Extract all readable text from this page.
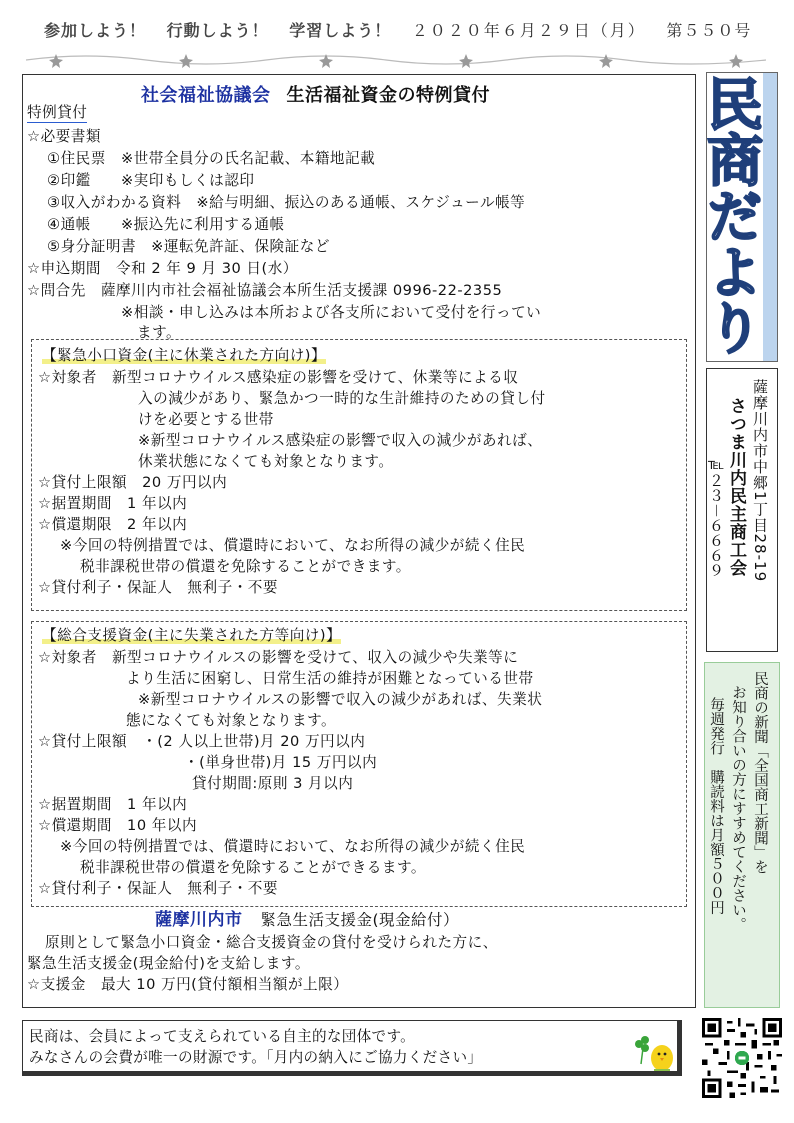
参加しよう！ 行動しよう！ 学習しよう！ ２０２０年６月２９日（月） 第５５０号
社会福祉協議会 生活福祉資金の特例貸付
特例貸付
☆必要書類
①住民票　※世帯全員分の氏名記載、本籍地記載
②印鑑　　※実印もしくは認印
③収入がわかる資料　※給与明細、振込のある通帳、スケジュール帳等
④通帳　　※振込先に利用する通帳
⑤身分証明書　※運転免許証、保険証など
☆申込期間　令和 2 年 9 月 30 日(水）
☆問合先　薩摩川内市社会福祉協議会本所生活支援課 0996-22-2355
※相談・申し込みは本所および各支所において受付を行ってい
ます。
【緊急小口資金(主に休業された方向け)】
☆対象者　新型コロナウイルス感染症の影響を受けて、休業等による収
入の減少があり、緊急かつ一時的な生計維持のための貸し付
けを必要とする世帯
※新型コロナウイルス感染症の影響で収入の減少があれば、
休業状態になくても対象となります。
☆貸付上限額　20 万円以内
☆据置期間　1 年以内
☆償還期限　2 年以内
※今回の特例措置では、償還時において、なお所得の減少が続く住民
税非課税世帯の償還を免除することができます。
☆貸付利子・保証人　無利子・不要
【総合支援資金(主に失業された方等向け)】
☆対象者　新型コロナウイルスの影響を受けて、収入の減少や失業等に
より生活に困窮し、日常生活の維持が困難となっている世帯
※新型コロナウイルスの影響で収入の減少があれば、失業状
態になくても対象となります。
☆貸付上限額　・(2 人以上世帯)月 20 万円以内
・(単身世帯)月 15 万円以内
貸付期間:原則 3 月以内
☆据置期間　1 年以内
☆償還期間　10 年以内
※今回の特例措置では、償還時において、なお所得の減少が続く住民
税非課税世帯の償還を免除することができるます。
☆貸付利子・保証人　無利子・不要
薩摩川内市 緊急生活支援金(現金給付）
原則として緊急小口資金・総合支援資金の貸付を受けられた方に、
緊急生活支援金(現金給付)を支給します。
☆支援金　最大 10 万円(貸付額相当額が上限）
民商だより
薩摩川内市中郷1丁目28-19
さつま川内民主商工会
℡２３－６６６９
民商の新聞「全国商工新聞」を
お知り合いの方にすすめてください。
毎週発行　購読料は月額５００円
民商は、会員によって支えられている自主的な団体です。
みなさんの会費が唯一の財源です。「月内の納入にご協力ください」
